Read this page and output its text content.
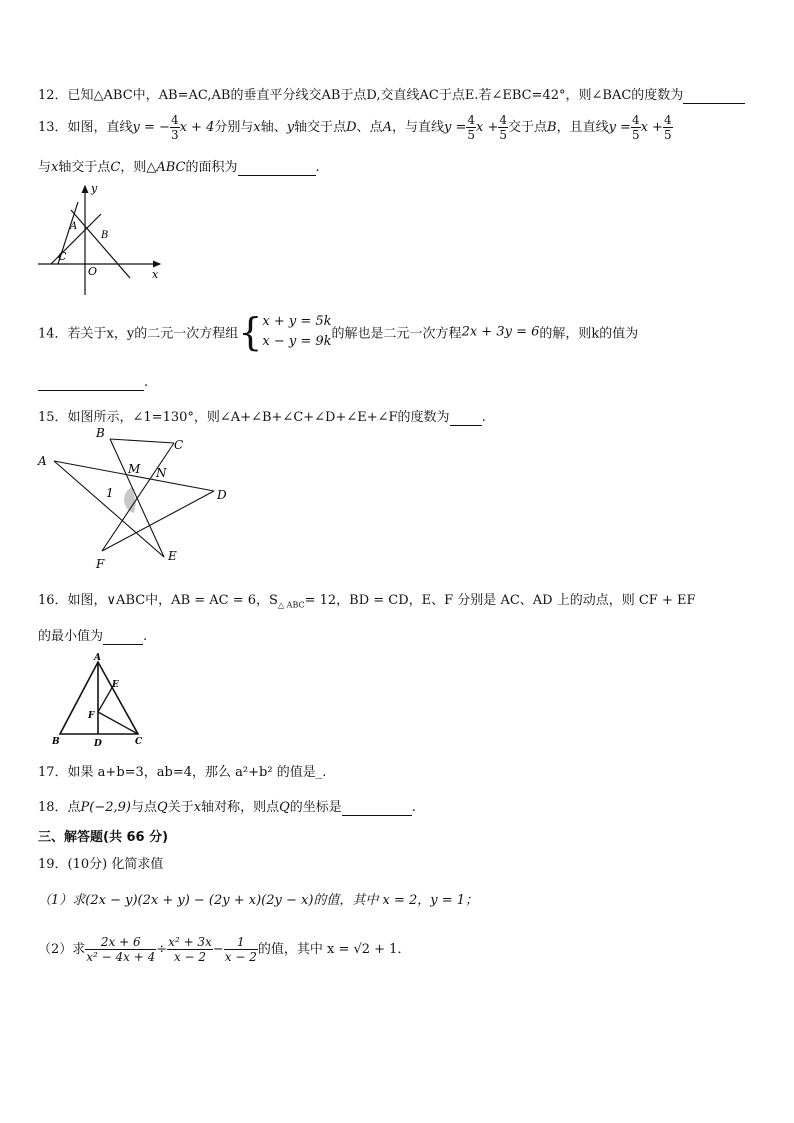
12．已知△ABC中，AB=AC,AB的垂直平分线交AB于点D,交直线AC于点E.若∠EBC=42°，则∠BAC的度数为
13．如图，直线y = − $\frac{4}{3}$ x + 4分别与x轴、y轴交于点D、点A，与直线$y = \frac{4}{5}$ $x + \frac{4}{5}$ 交于点B，且直线$y = \frac{4}{5}$ $x + \frac{4}{5}$
与x轴交于点C，则△ABC的面积为	.
y
x
A
B
C
O
14．若关于x，y的二元一次方程组{ x + y = 5k
x − y = 9k 的解也是二元一次方程2x + 3y = 6的解，则k的值为
.
15．如图所示，∠1=130°，则∠A+∠B+∠C+∠D+∠E+∠F的度数为 .
A
B
C
D
E
F
M N
1
16．如图，∨ABC中，AB = AC = 6，$S_{\triangle ABC}= 12$，BD = CD，E、F 分别是 AC、AD 上的动点，则 CF + EF
的最小值为	.
A
B	C
D
E
F
17．如果 a+b=3，ab=4，那么 a²+b² 的值是_.
18．点P(−2,9)与点Q关于x轴对称，则点Q的坐标是	.
三、解答题(共 66 分)
19．(10分) 化简求值
（1）求(2x − y)(2x + y) − (2y + x)(2y − x)的值，其中 x = 2，y = 1；
（2）求 $\frac{2x + 6}{\text{x² − 4x + 4}} \div \frac{\text{x² + 3x}}{x - 2} - \frac{1}{x - 2}$ 的值，其中 x = √2 + 1．
